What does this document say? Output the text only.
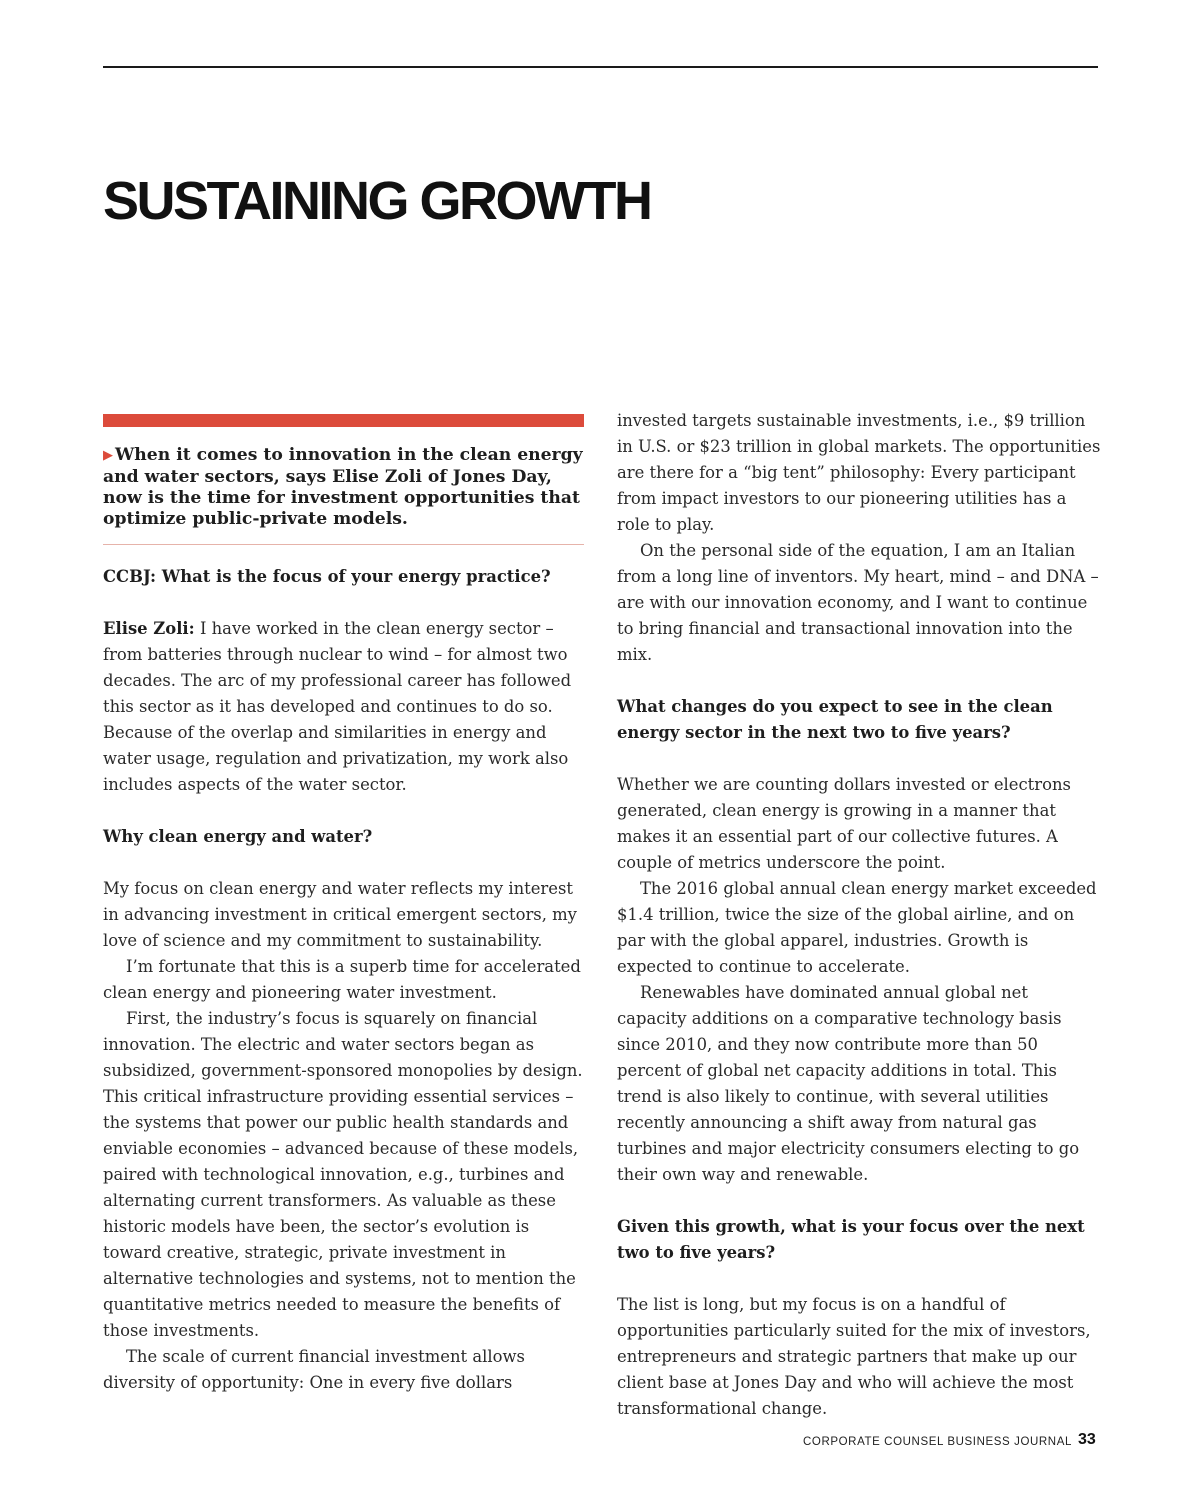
SUSTAINING GROWTH

▶ When it comes to innovation in the clean energy and water sectors, says Elise Zoli of Jones Day, now is the time for investment opportunities that optimize public-private models.

CCBJ: What is the focus of your energy practice?

Elise Zoli: I have worked in the clean energy sector – from batteries through nuclear to wind – for almost two decades. The arc of my professional career has followed this sector as it has developed and continues to do so. Because of the overlap and similarities in energy and water usage, regulation and privatization, my work also includes aspects of the water sector.

Why clean energy and water?

My focus on clean energy and water reflects my interest in advancing investment in critical emergent sectors, my love of science and my commitment to sustainability.

I’m fortunate that this is a superb time for accelerated clean energy and pioneering water investment.

First, the industry’s focus is squarely on financial innovation. The electric and water sectors began as subsidized, government-sponsored monopolies by design. This critical infrastructure providing essential services – the systems that power our public health standards and enviable economies – advanced because of these models, paired with technological innovation, e.g., turbines and alternating current transformers. As valuable as these historic models have been, the sector’s evolution is toward creative, strategic, private investment in alternative technologies and systems, not to mention the quantitative metrics needed to measure the benefits of those investments.

The scale of current financial investment allows diversity of opportunity: One in every five dollars

invested targets sustainable investments, i.e., $9 trillion in U.S. or $23 trillion in global markets. The opportunities are there for a “big tent” philosophy: Every participant from impact investors to our pioneering utilities has a role to play.

On the personal side of the equation, I am an Italian from a long line of inventors. My heart, mind – and DNA – are with our innovation economy, and I want to continue to bring financial and transactional innovation into the mix.

What changes do you expect to see in the clean energy sector in the next two to five years?

Whether we are counting dollars invested or electrons generated, clean energy is growing in a manner that makes it an essential part of our collective futures. A couple of metrics underscore the point.

The 2016 global annual clean energy market exceeded $1.4 trillion, twice the size of the global airline, and on par with the global apparel, industries. Growth is expected to continue to accelerate.

Renewables have dominated annual global net capacity additions on a comparative technology basis since 2010, and they now contribute more than 50 percent of global net capacity additions in total. This trend is also likely to continue, with several utilities recently announcing a shift away from natural gas turbines and major electricity consumers electing to go their own way and renewable.

Given this growth, what is your focus over the next two to five years?

The list is long, but my focus is on a handful of opportunities particularly suited for the mix of investors, entrepreneurs and strategic partners that make up our client base at Jones Day and who will achieve the most transformational change.

CORPORATE COUNSEL BUSINESS JOURNAL 33
